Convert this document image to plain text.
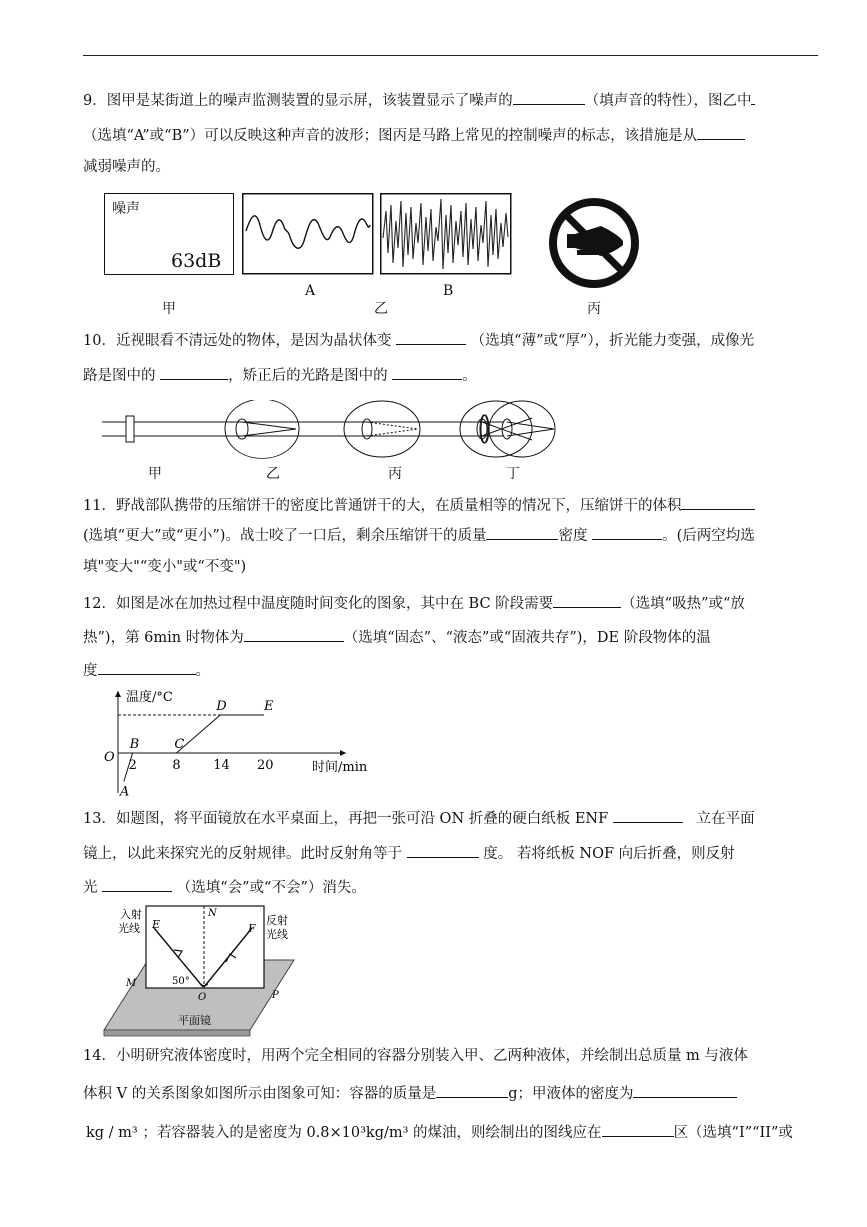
9．图甲是某街道上的噪声监测装置的显示屏，该装置显示了噪声的	（填声音的特性），图乙中
（选填“A”或“B”）可以反映这种声音的波形；图丙是马路上常见的控制噪声的标志，该措施是从
减弱噪声的。
噪声
63dB
甲
A	B
乙	丙
10．近视眼看不清远处的物体，是因为晶状体变	（选填“薄”或“厚”），折光能力变强，成像光
路是图中的	，矫正后的光路是图中的	。
甲	乙	丙	丁
11．野战部队携带的压缩饼干的密度比普通饼干的大，在质量相等的情况下，压缩饼干的体积
(选填“更大”或“更小”)。战士咬了一口后，剩余压缩饼干的质量	密度	。(后两空均选
填"变大"“变小"或“不变")
12．如图是冰在加热过程中温度随时间变化的图象，其中在 BC 阶段需要	（选填“吸热”或“放
热”)，第 6min 时物体为	（选填“固态”、“液态”或“固液共存”)，DE 阶段物体的温
度	。
温度/°C
时间/min
O
A
B	C
D	E
2	8	14 20
13．如题图，将平面镜放在水平桌面上，再把一张可沿 ON 折叠的硬白纸板 ENF	立在平面
镜上，以此来探究光的反射规律。此时反射角等于	度。 若将纸板 NOF 向后折叠，则反射
光	（选填“会”或“不会”）消失。
入射
光线
反射
光线
E	F
N
O
M
P
50°
平面镜
14．小明研究液体密度时，用两个完全相同的容器分别装入甲、乙两种液体，并绘制出总质量 m 与液体
体积 V 的关系图象如图所示由图象可知：容器的质量是	g；甲液体的密度为
kg / m³ ；若容器装入的是密度为 0.8×10³kg/m³ 的煤油，则绘制出的图线应在	区（选填“I”“II”或
